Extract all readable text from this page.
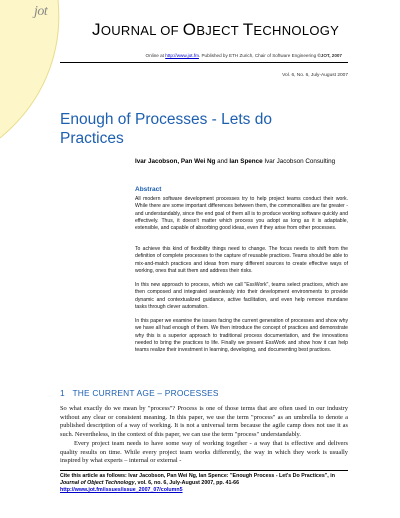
jot
JOURNAL OF OBJECT TECHNOLOGY
Online at http://www.jot.fm. Published by ETH Zurich, Chair of Software Engineering ©JOT, 2007
Vol. 6, No. 6, July-August 2007
Enough of Processes - Lets do Practices
Ivar Jacobson, Pan Wei Ng and Ian Spence Ivar Jacobson Consulting
Abstract
All modern software development processes try to help project teams conduct their work. While there are some important differences between them, the commonalities are far greater - and understandably, since the end goal of them all is to produce working software quickly and effectively. Thus, it doesn't matter which process you adopt as long as it is adaptable, extensible, and capable of absorbing good ideas, even if they arise from other processes.
To achieve this kind of flexibility things need to change. The focus needs to shift from the definition of complete processes to the capture of reusable practices. Teams should be able to mix-and-match practices and ideas from many different sources to create effective ways of working, ones that suit them and address their risks.
In this new approach to process, which we call "EssWork", teams select practices, which are then composed and integrated seamlessly into their development environments to provide dynamic and contextualized guidance, active facilitation, and even help remove mundane tasks through clever automation.
In this paper we examine the issues facing the current generation of processes and show why we have all had enough of them. We then introduce the concept of practices and demonstrate why this is a superior approach to traditional process documentation, and the innovations needed to bring the practices to life. Finally we present EssWork and show how it can help teams realize their investment in learning, developing, and documenting best practices.
1 THE CURRENT AGE – PROCESSES
So what exactly do we mean by "process"? Process is one of those terms that are often used in our industry without any clear or consistent meaning. In this paper, we use the term "process" as an umbrella to denote a published description of a way of working. It is not a universal term because the agile camp does not use it as such. Nevertheless, in the context of this paper, we can use the term "process" understandably.
Every project team needs to have some way of working together - a way that is effective and delivers quality results on time. While every project team works differently, the way in which they work is usually inspired by what experts – internal or external -
Cite this article as follows: Ivar Jacobson, Pan Wei Ng, Ian Spence: "Enough Process - Let's Do Practices", in Journal of Object Technology, vol. 6, no. 6, July-August 2007, pp. 41-66 http://www.jot.fm/issues/issue_2007_07/column5
